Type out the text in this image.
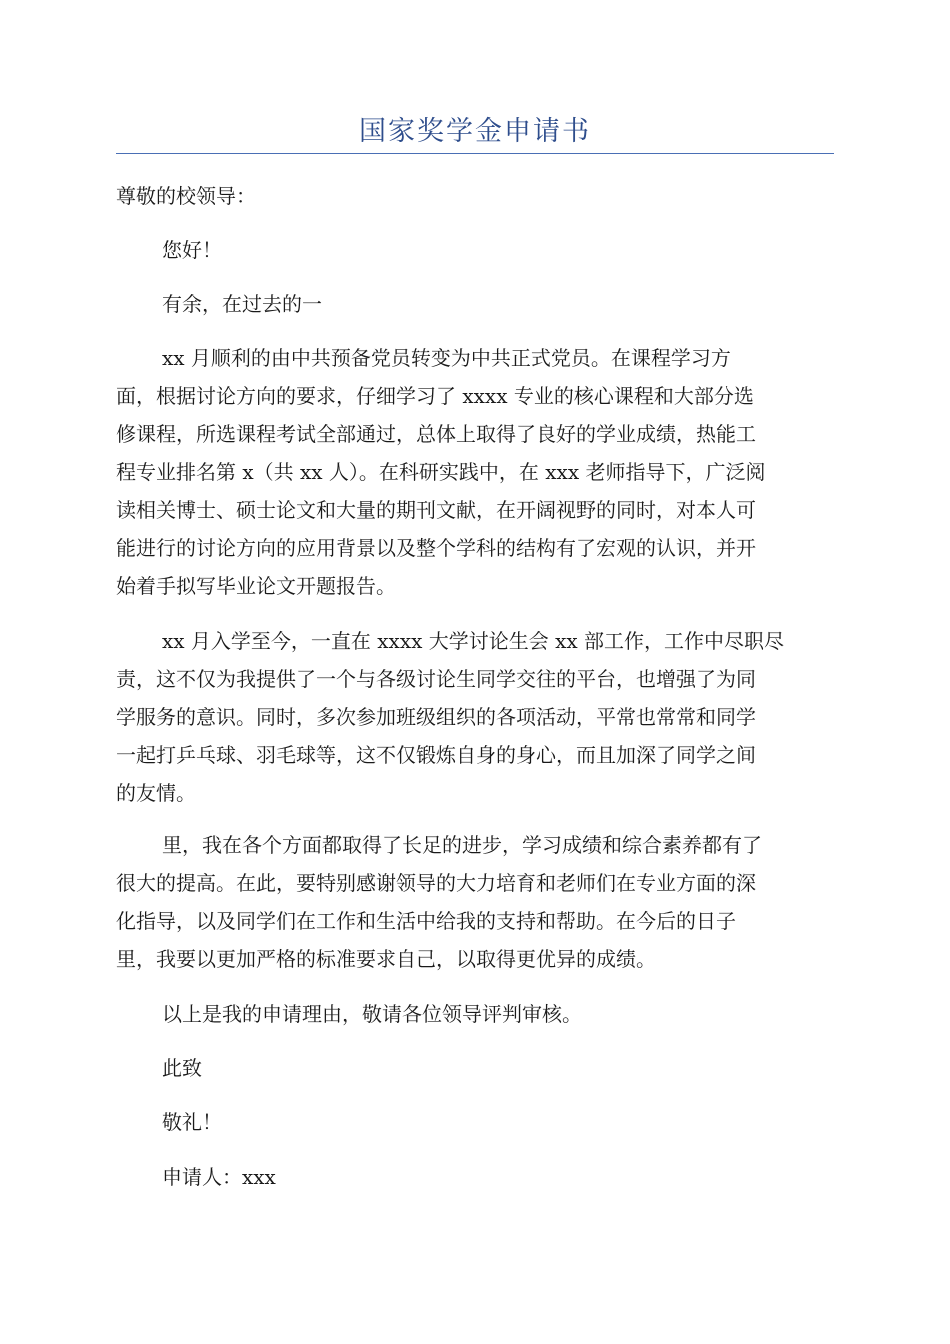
国家奖学金申请书
尊敬的校领导：
您好！
有余，在过去的一
xx 月顺利的由中共预备党员转变为中共正式党员。在课程学习方
面，根据讨论方向的要求，仔细学习了 xxxx 专业的核心课程和大部分选
修课程，所选课程考试全部通过，总体上取得了良好的学业成绩，热能工
程专业排名第 x（共 xx 人）。在科研实践中，在 xxx 老师指导下，广泛阅
读相关博士、硕士论文和大量的期刊文献，在开阔视野的同时，对本人可
能进行的讨论方向的应用背景以及整个学科的结构有了宏观的认识，并开
始着手拟写毕业论文开题报告。
xx 月入学至今，一直在 xxxx 大学讨论生会 xx 部工作，工作中尽职尽
责，这不仅为我提供了一个与各级讨论生同学交往的平台，也增强了为同
学服务的意识。同时，多次参加班级组织的各项活动，平常也常常和同学
一起打乒乓球、羽毛球等，这不仅锻炼自身的身心，而且加深了同学之间
的友情。
里，我在各个方面都取得了长足的进步，学习成绩和综合素养都有了
很大的提高。在此，要特别感谢领导的大力培育和老师们在专业方面的深
化指导，以及同学们在工作和生活中给我的支持和帮助。在今后的日子
里，我要以更加严格的标准要求自己，以取得更优异的成绩。
以上是我的申请理由，敬请各位领导评判审核。
此致
敬礼！
申请人：xxx
